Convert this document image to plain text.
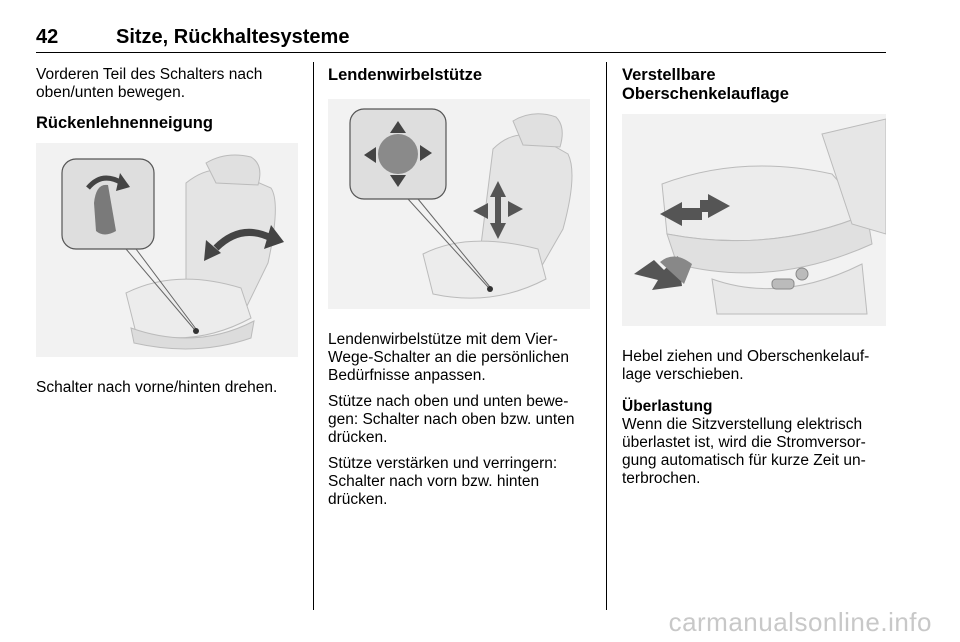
42	Sitze, Rückhaltesysteme

Vorderen Teil des Schalters nach oben/unten bewegen.

Rückenlehnenneigung

Schalter nach vorne/hinten drehen.

Lendenwirbelstütze

Lendenwirbelstütze mit dem Vier-Wege-Schalter an die persönlichen Bedürfnisse anpassen.

Stütze nach oben und unten bewe-gen: Schalter nach oben bzw. unten drücken.

Stütze verstärken und verringern: Schalter nach vorn bzw. hinten drücken.

Verstellbare
Oberschenkelauflage

Hebel ziehen und Oberschenkelauf-lage verschieben.

Überlastung

Wenn die Sitzverstellung elektrisch überlastet ist, wird die Stromversor-gung automatisch für kurze Zeit un-terbrochen.

carmanualsonline.info
